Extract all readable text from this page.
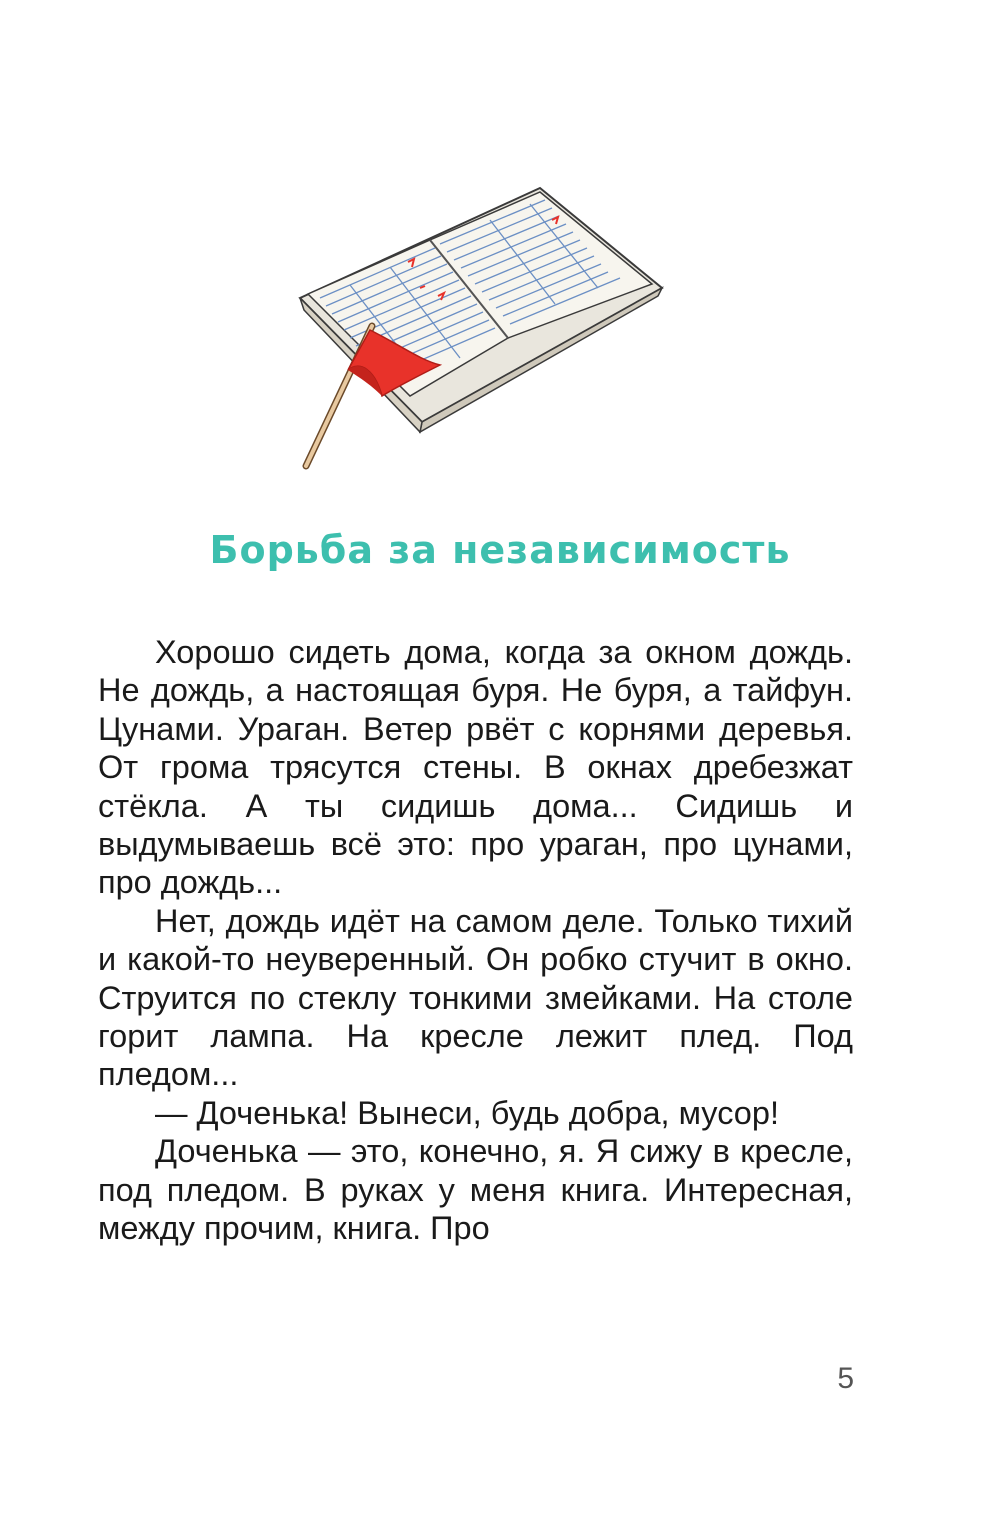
Борьба за независимость

Хорошо сидеть дома, когда за окном дождь. Не дождь, а настоящая буря. Не буря, а тайфун. Цунами. Ураган. Ветер рвёт с корнями деревья. От грома трясутся стены. В окнах дребезжат стёкла. А ты сидишь дома... Сидишь и выдумываешь всё это: про ураган, про цунами, про дождь...

Нет, дождь идёт на самом деле. Только тихий и какой-то неуверенный. Он робко стучит в окно. Струится по стеклу тонкими змейками. На столе горит лампа. На кресле лежит плед. Под пледом...

— Доченька! Вынеси, будь добра, мусор!

Доченька — это, конечно, я. Я сижу в кресле, под пледом. В руках у меня книга. Интересная, между прочим, книга. Про

5
